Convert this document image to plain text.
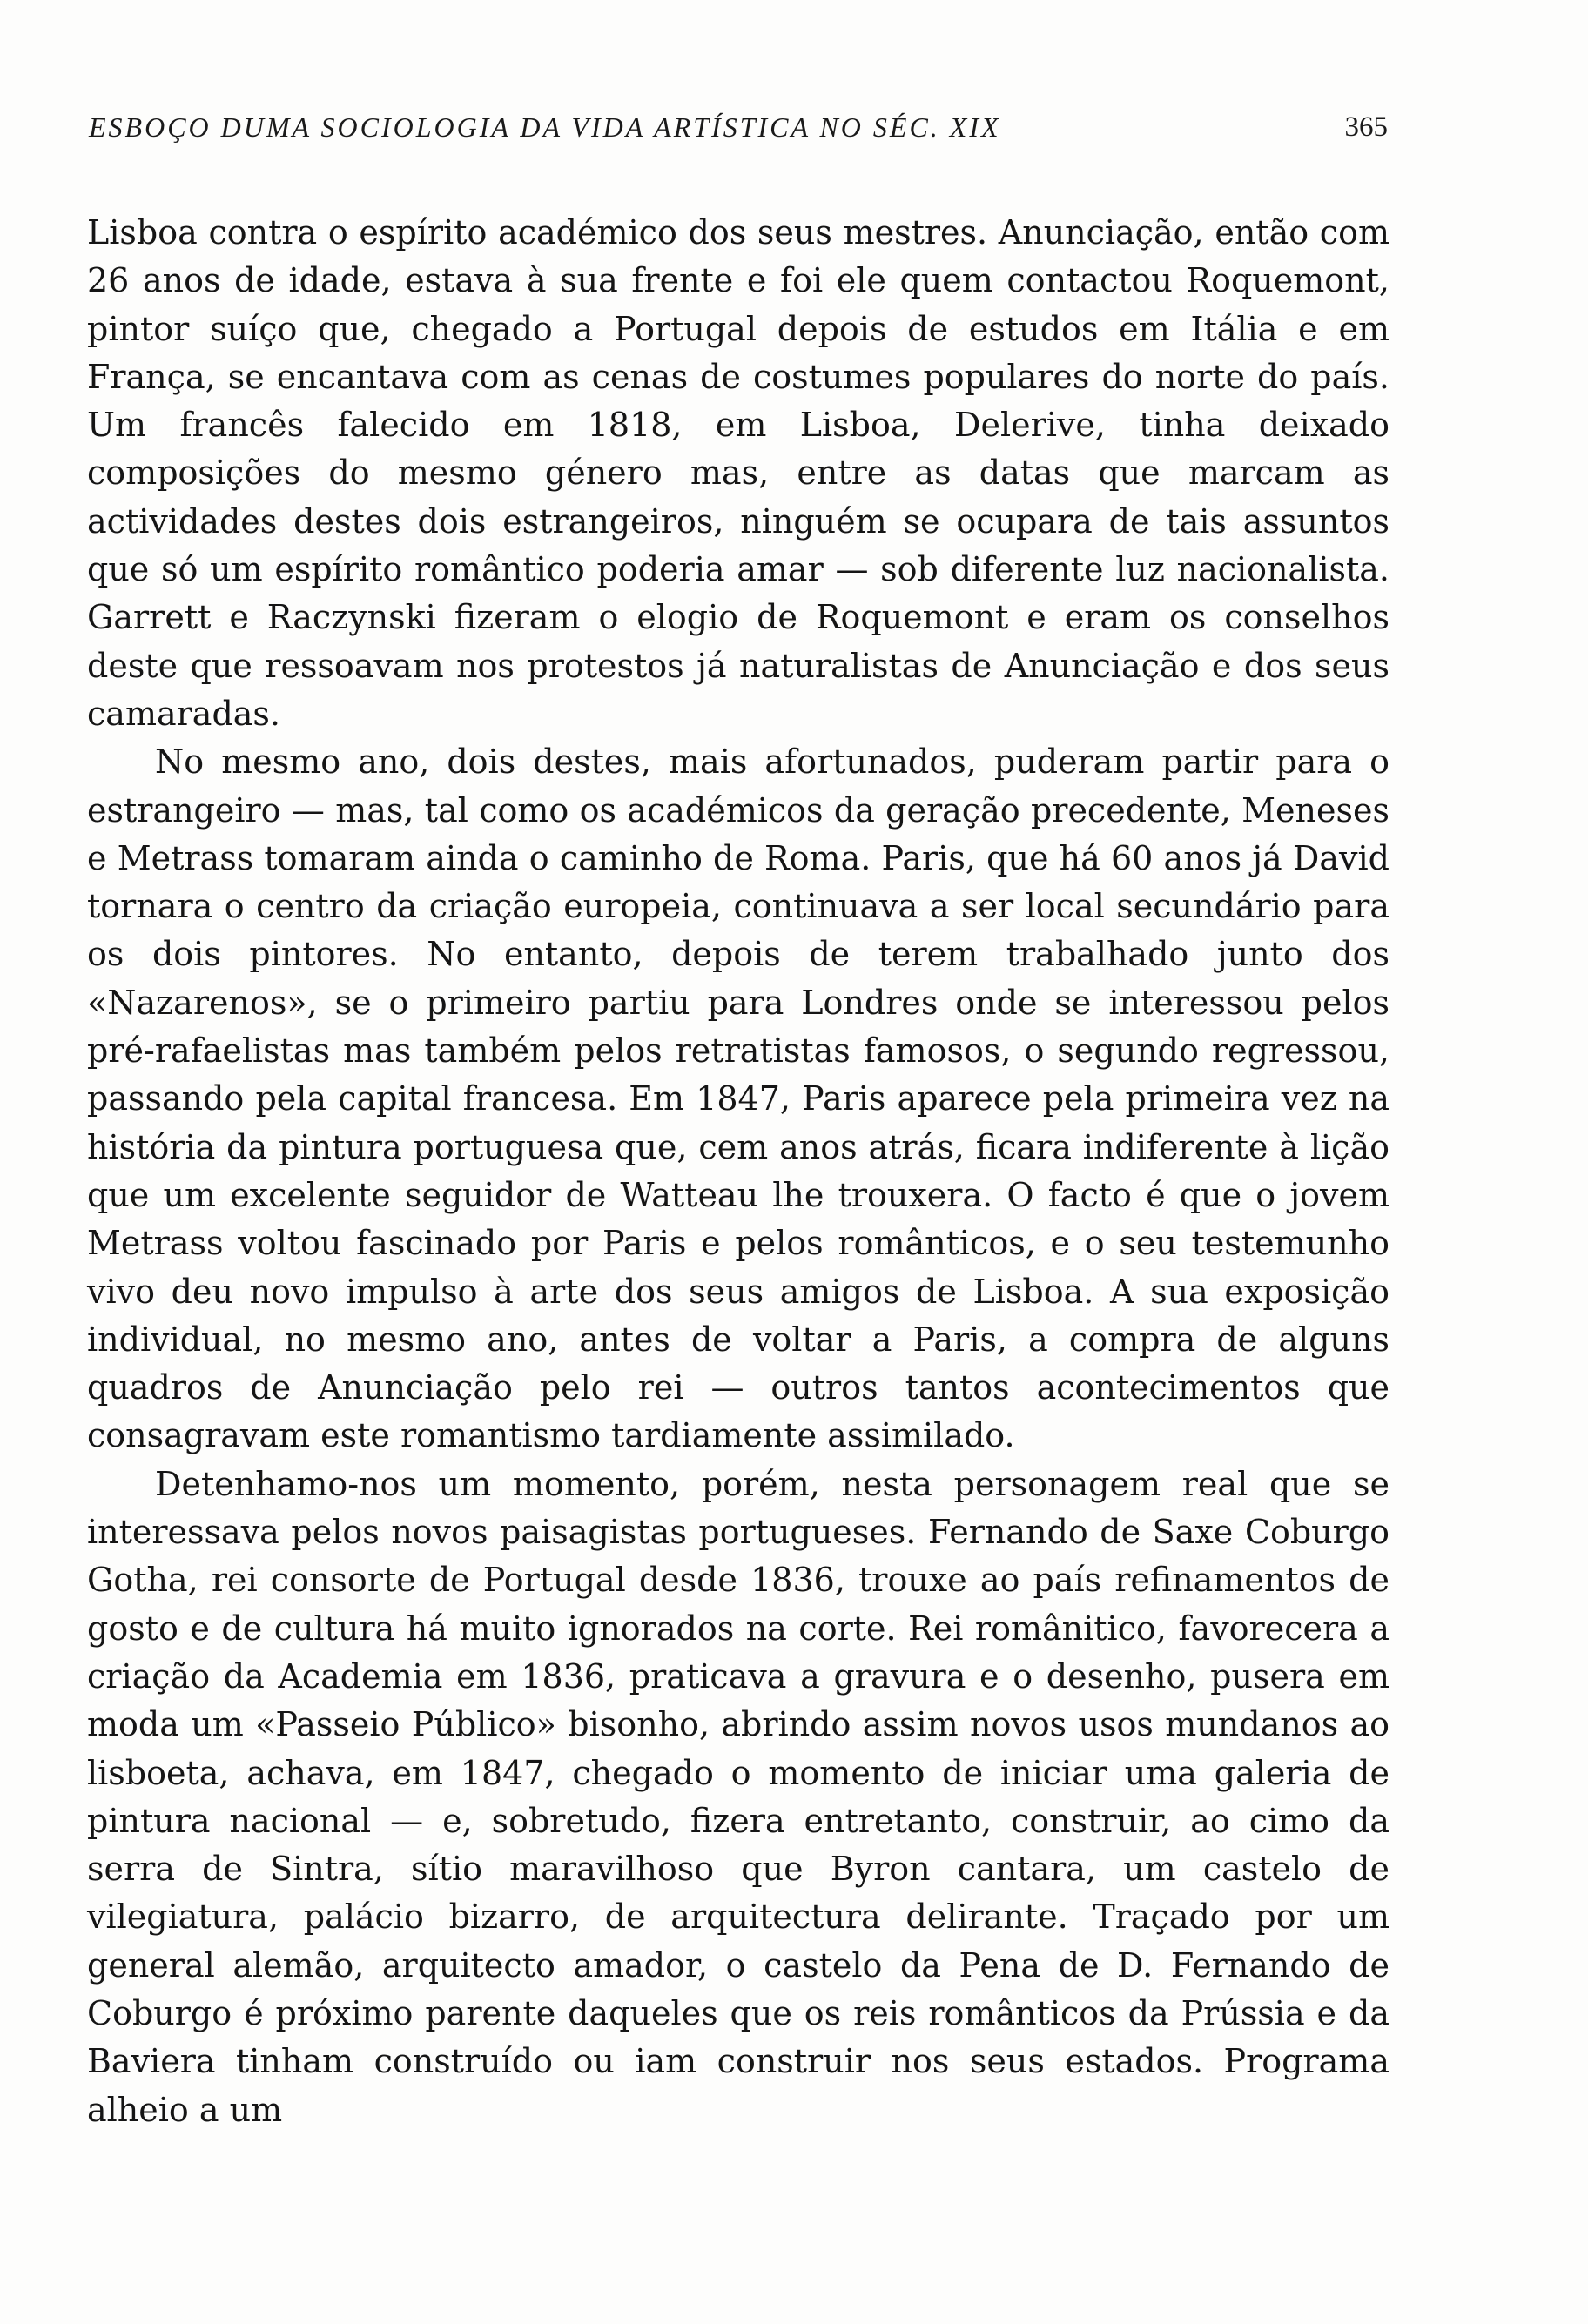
ESBOÇO DUMA SOCIOLOGIA DA VIDA ARTÍSTICA NO SÉC. XIX	365

Lisboa contra o espírito académico dos seus mestres. Anunciação, então com 26 anos de idade, estava à sua frente e foi ele quem contactou Roquemont, pintor suíço que, chegado a Portugal depois de estudos em Itália e em França, se encantava com as cenas de costumes populares do norte do país. Um francês falecido em 1818, em Lisboa, Delerive, tinha deixado composições do mesmo género mas, entre as datas que marcam as actividades destes dois estrangeiros, ninguém se ocupara de tais assuntos que só um espírito romântico poderia amar — sob diferente luz nacionalista. Garrett e Raczynski fizeram o elogio de Roquemont e eram os conselhos deste que ressoavam nos protestos já naturalistas de Anunciação e dos seus camaradas.

No mesmo ano, dois destes, mais afortunados, puderam partir para o estrangeiro — mas, tal como os académicos da geração precedente, Meneses e Metrass tomaram ainda o caminho de Roma. Paris, que há 60 anos já David tornara o centro da criação europeia, continuava a ser local secundário para os dois pintores. No entanto, depois de terem trabalhado junto dos «Nazarenos», se o primeiro partiu para Londres onde se interessou pelos pré-rafaelistas mas também pelos retratistas famosos, o segundo regressou, passando pela capital francesa. Em 1847, Paris aparece pela primeira vez na história da pintura portuguesa que, cem anos atrás, ficara indiferente à lição que um excelente seguidor de Watteau lhe trouxera. O facto é que o jovem Metrass voltou fascinado por Paris e pelos românticos, e o seu testemunho vivo deu novo impulso à arte dos seus amigos de Lisboa. A sua exposição individual, no mesmo ano, antes de voltar a Paris, a compra de alguns quadros de Anunciação pelo rei — outros tantos acontecimentos que consagravam este romantismo tardiamente assimilado.

Detenhamo-nos um momento, porém, nesta personagem real que se interessava pelos novos paisagistas portugueses. Fernando de Saxe Coburgo Gotha, rei consorte de Portugal desde 1836, trouxe ao país refinamentos de gosto e de cultura há muito ignorados na corte. Rei românitico, favorecera a criação da Academia em 1836, praticava a gravura e o desenho, pusera em moda um «Passeio Público» bisonho, abrindo assim novos usos mundanos ao lisboeta, achava, em 1847, chegado o momento de iniciar uma galeria de pintura nacional — e, sobretudo, fizera entretanto, construir, ao cimo da serra de Sintra, sítio maravilhoso que Byron cantara, um castelo de vilegiatura, palácio bizarro, de arquitectura delirante. Traçado por um general alemão, arquitecto amador, o castelo da Pena de D. Fernando de Coburgo é próximo parente daqueles que os reis românticos da Prússia e da Baviera tinham construído ou iam construir nos seus estados. Programa alheio a um
